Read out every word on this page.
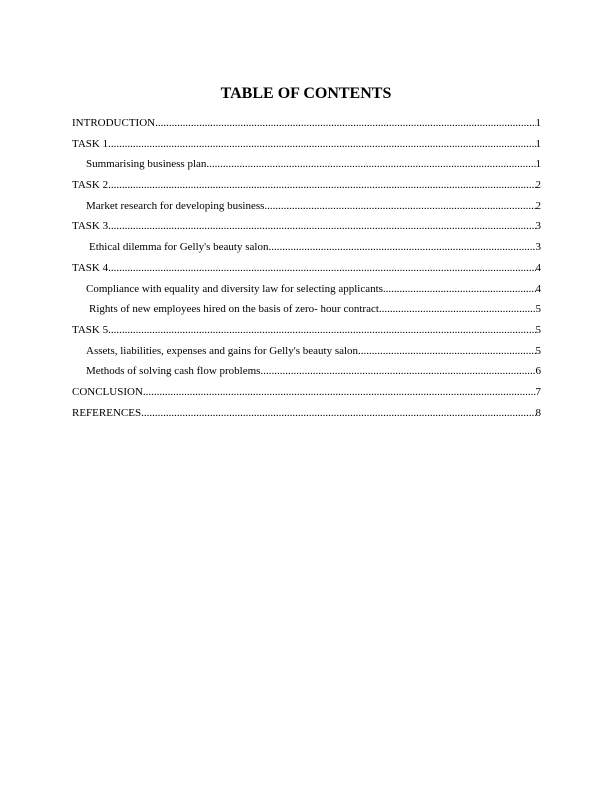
TABLE OF CONTENTS
INTRODUCTION .....	1
TASK 1 .....	1
Summarising business plan .....	1
TASK 2 .....	2
Market research for developing business .....	2
TASK 3 .....	3
Ethical dilemma for Gelly's beauty salon .....	3
TASK 4 .....	4
Compliance with equality and diversity law for selecting applicants .....	4
Rights of new employees hired on the basis of zero- hour contract .....	5
TASK 5 .....	5
Assets, liabilities, expenses and gains for Gelly's beauty salon .....	5
Methods of solving cash flow problems .....	6
CONCLUSION .....	7
REFERENCES .....	8
